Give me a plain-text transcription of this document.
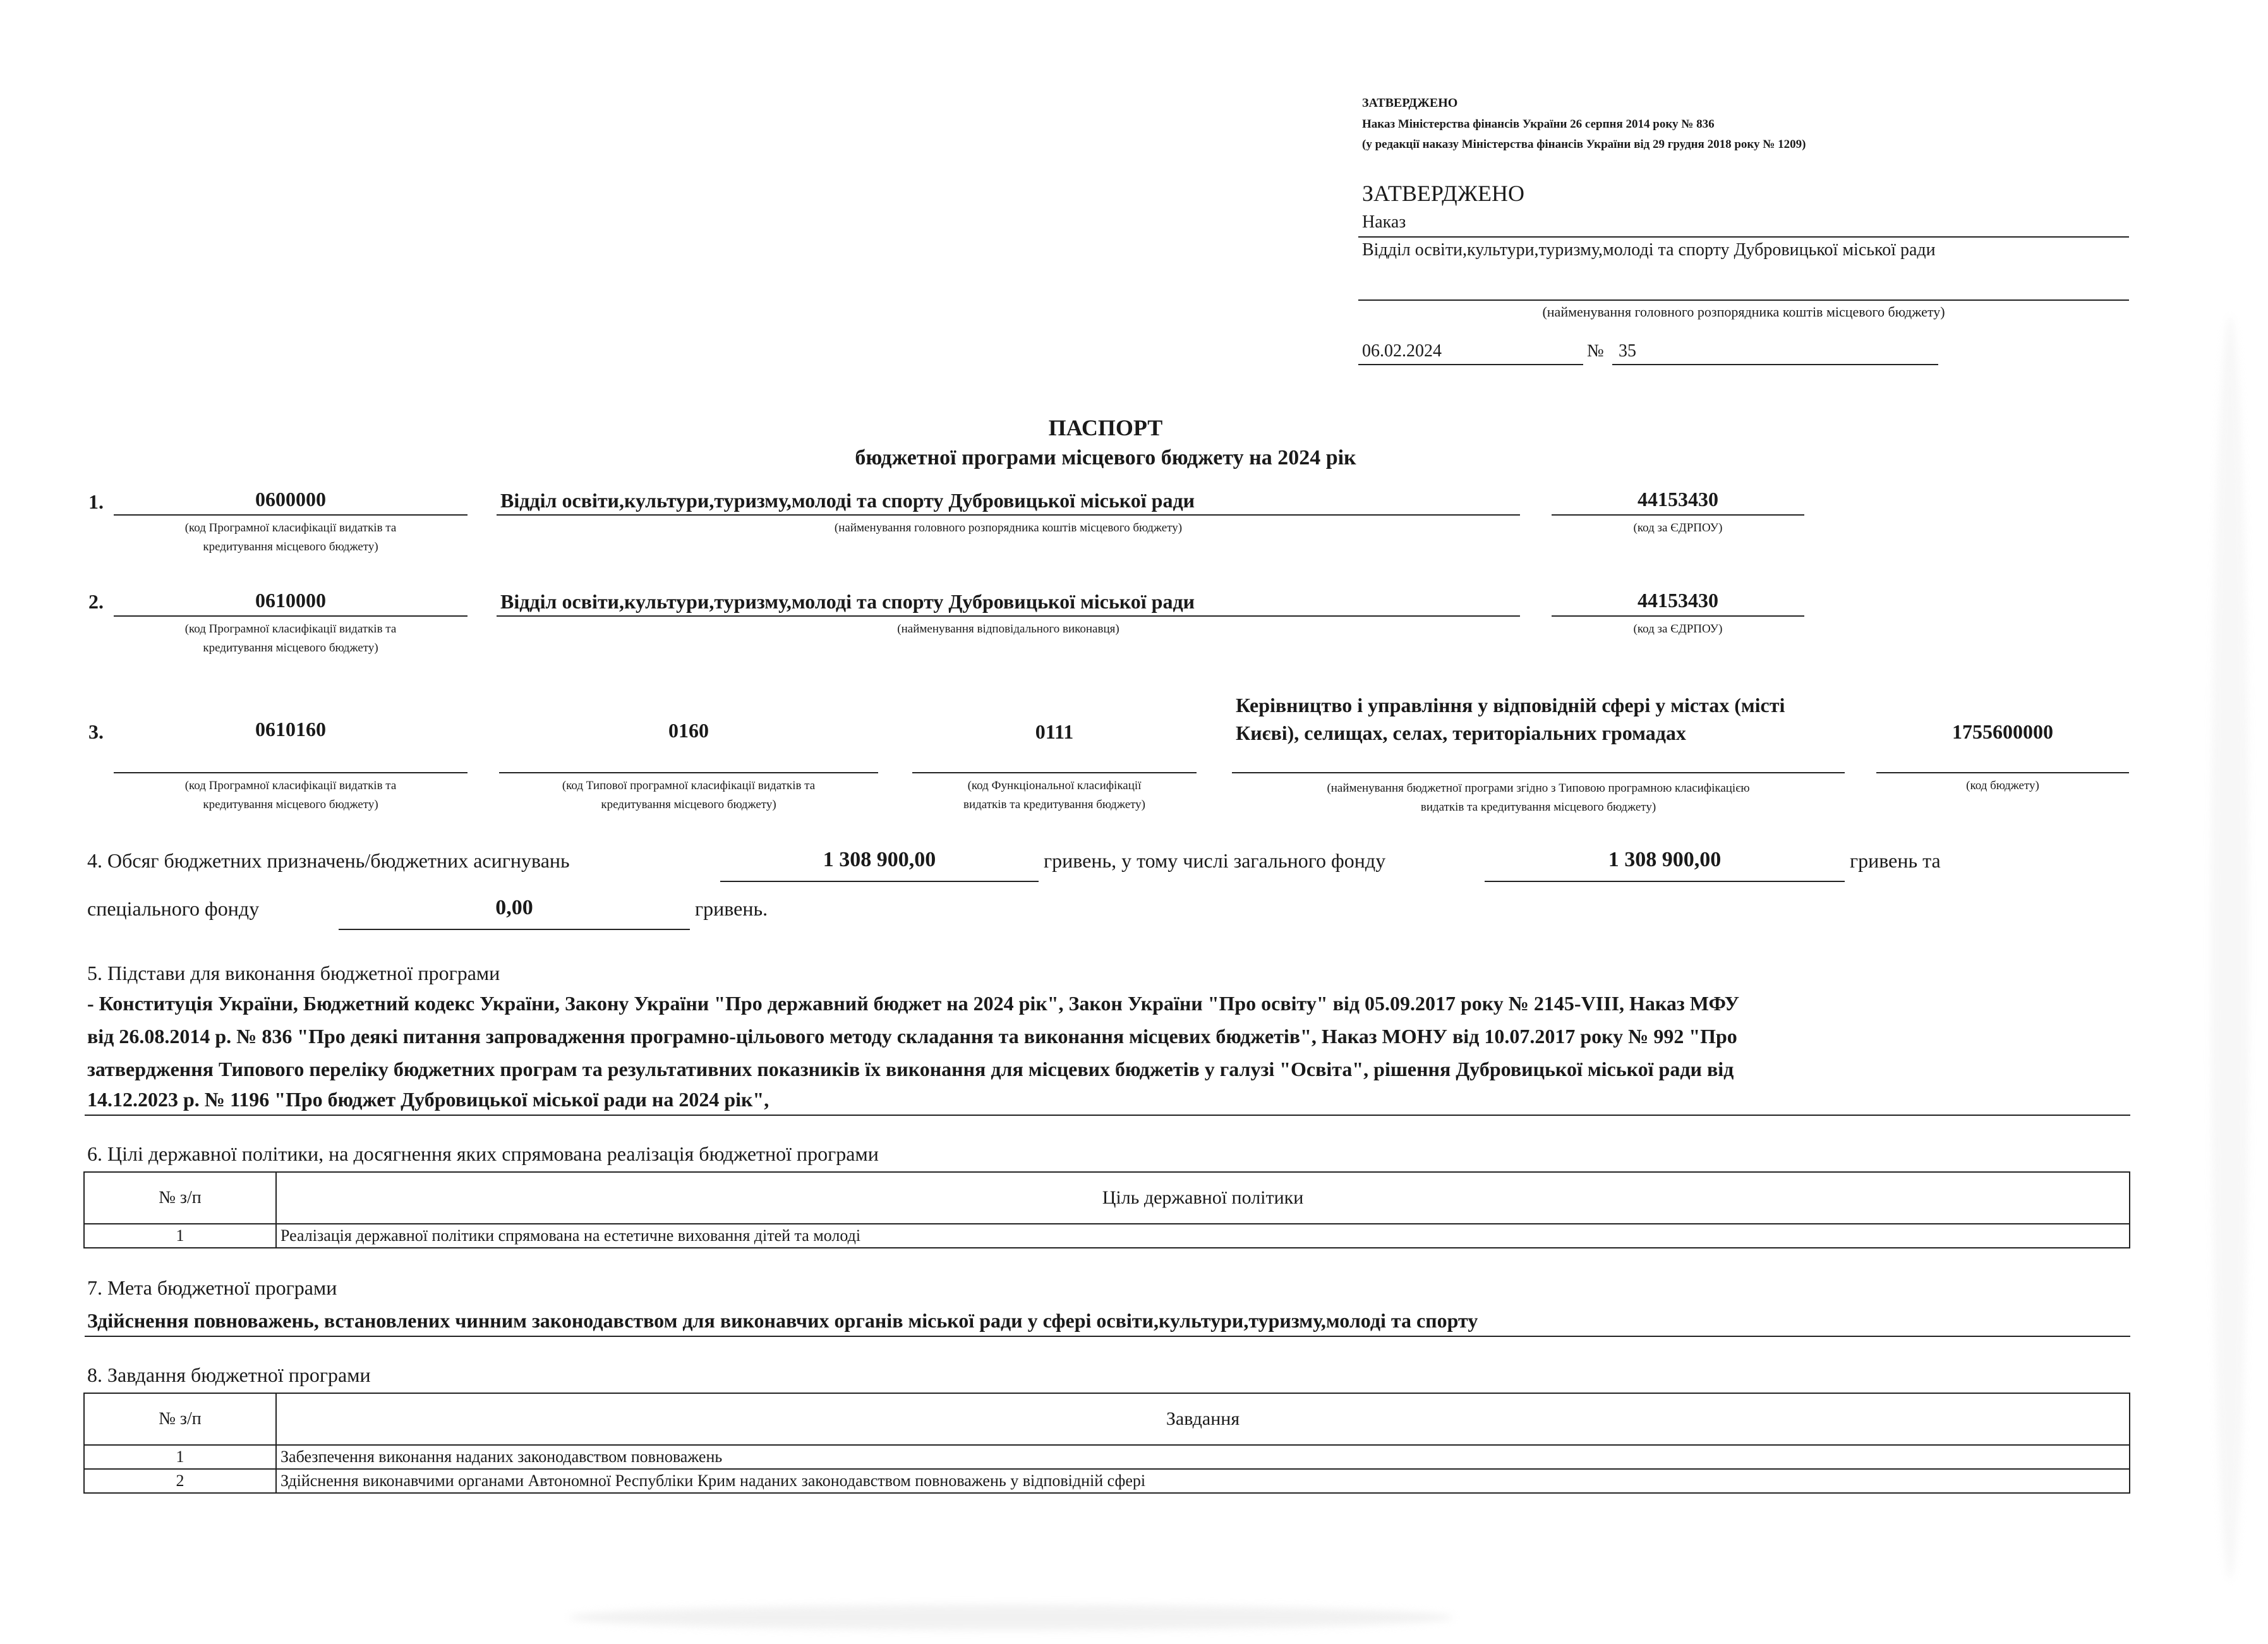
ЗАТВЕРДЖЕНО
Наказ Міністерства фінансів України 26 серпня 2014 року № 836
(у редакції наказу Міністерства фінансів України від 29 грудня 2018 року № 1209)
ЗАТВЕРДЖЕНО
Наказ
Відділ освіти,культури,туризму,молоді та спорту Дубровицької міської ради
(найменування головного розпорядника коштів місцевого бюджету)
06.02.2024	№ 35
ПАСПОРТ
бюджетної програми місцевого бюджету на 2024 рік
1.	0600000
(код Програмної класифікації видатків та
кредитування місцевого бюджету)
Відділ освіти,культури,туризму,молоді та спорту Дубровицької міської ради
(найменування головного розпорядника коштів місцевого бюджету)
44153430
(код за ЄДРПОУ)
2.	0610000
(код Програмної класифікації видатків та
кредитування місцевого бюджету)
Відділ освіти,культури,туризму,молоді та спорту Дубровицької міської ради
(найменування відповідального виконавця)
44153430
(код за ЄДРПОУ)
3.	0610160
(код Програмної класифікації видатків та
кредитування місцевого бюджету)
0160
(код Типової програмної класифікації видатків та
кредитування місцевого бюджету)
0111
(код Функціональної класифікації
видатків та кредитування бюджету)
Керівництво і управління у відповідній сфері у містах (місті
Києві), селищах, селах, територіальних громадах
(найменування бюджетної програми згідно з Типовою програмною класифікацією
видатків та кредитування місцевого бюджету)
1755600000
(код бюджету)
4. Обсяг бюджетних призначень/бюджетних асигнувань	1 308 900,00	гривень, у тому числі загального фонду	1 308 900,00	гривень та
спеціального фонду	0,00	гривень.
5. Підстави для виконання бюджетної програми
- Конституція України, Бюджетний кодекс України, Закону України "Про державний бюджет на 2024 рік", Закон України "Про освіту" від 05.09.2017 року № 2145-VIII, Наказ МФУ
від 26.08.2014 р. № 836 "Про деякі питання запровадження програмно-цільового методу складання та виконання місцевих бюджетів", Наказ МОНУ від 10.07.2017 року № 992 "Про
затвердження Типового переліку бюджетних програм та результативних показників їх виконання для місцевих бюджетів у галузі "Освіта", рішення Дубровицької міської ради від
14.12.2023 р. № 1196 "Про бюджет Дубровицької міської ради на 2024 рік",
6. Цілі державної політики, на досягнення яких спрямована реалізація бюджетної програми
№ з/п	Ціль державної політики
1	Реалізація державної політики спрямована на естетичне виховання дітей та молоді
7. Мета бюджетної програми
Здійснення повноважень, встановлених чинним законодавством для виконавчих органів міської ради у сфері освіти,культури,туризму,молоді та спорту
8. Завдання бюджетної програми
№ з/п	Завдання
1	Забезпечення виконання наданих законодавством повноважень
2	Здійснення виконавчими органами Автономної Республіки Крим наданих законодавством повноважень у відповідній сфері
